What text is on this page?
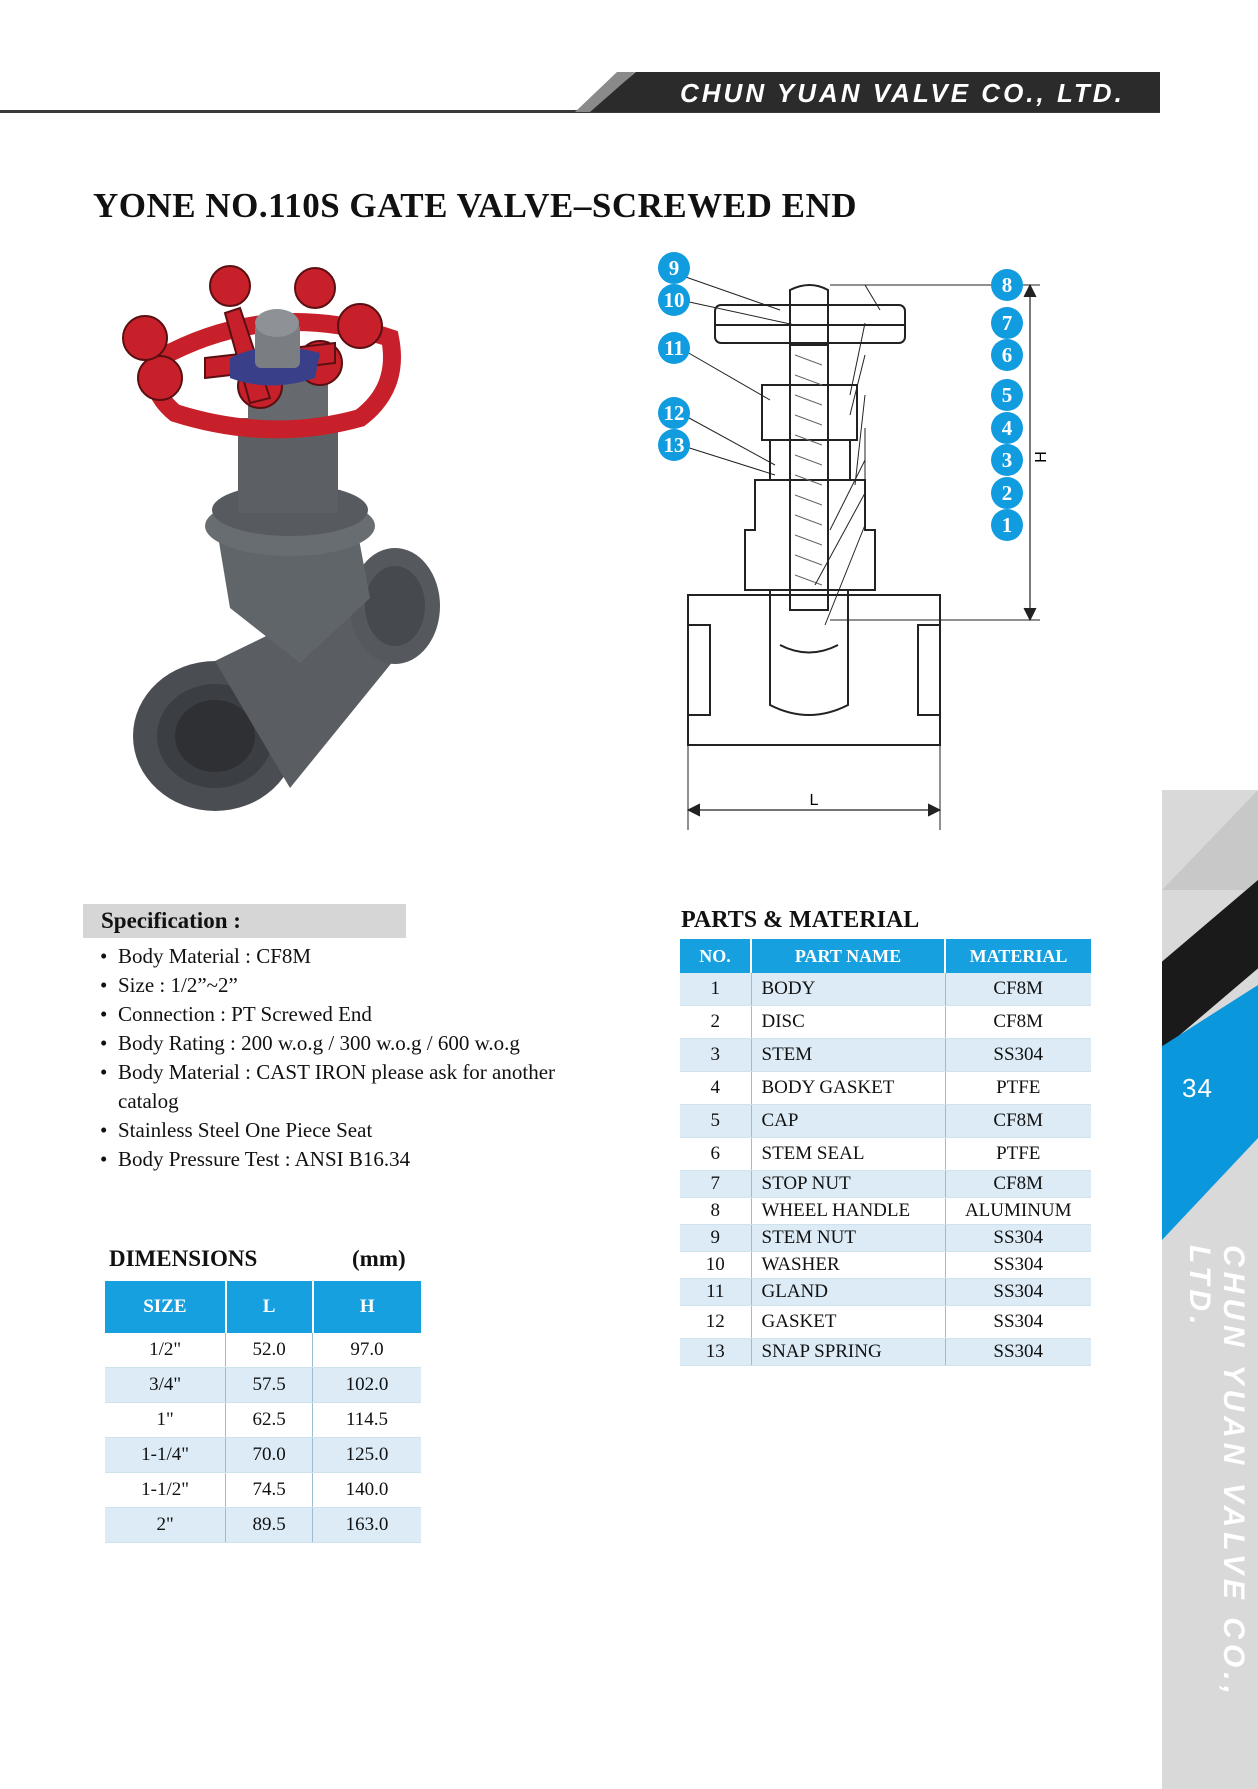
CHUN YUAN VALVE CO., LTD.
YONE NO.110S GATE VALVE–SCREWED END
34
CHUN YUAN VALVE CO., LTD.
H
L
9
10
11
12
13
8
7
6
5
4
3
2
1
Specification :
• Body Material : CF8M
• Size : 1/2”~2”
• Connection : PT Screwed End
• Body Rating : 200 w.o.g / 300 w.o.g / 600 w.o.g
• Body Material : CAST IRON please ask for another catalog
• Stainless Steel One Piece Seat
• Body Pressure Test : ANSI B16.34
DIMENSIONS	(mm)
SIZE	L	H
1/2"	52.0	97.0
3/4"	57.5	102.0
1"	62.5	114.5
1-1/4"	70.0	125.0
1-1/2"	74.5	140.0
2"	89.5	163.0
PARTS & MATERIAL
NO.	PART NAME	MATERIAL
1	BODY	CF8M
2	DISC	CF8M
3	STEM	SS304
4	BODY GASKET	PTFE
5	CAP	CF8M
6	STEM SEAL	PTFE
7	STOP NUT	CF8M
8	WHEEL HANDLE	ALUMINUM
9	STEM NUT	SS304
10	WASHER	SS304
11	GLAND	SS304
12	GASKET	SS304
13	SNAP SPRING	SS304
